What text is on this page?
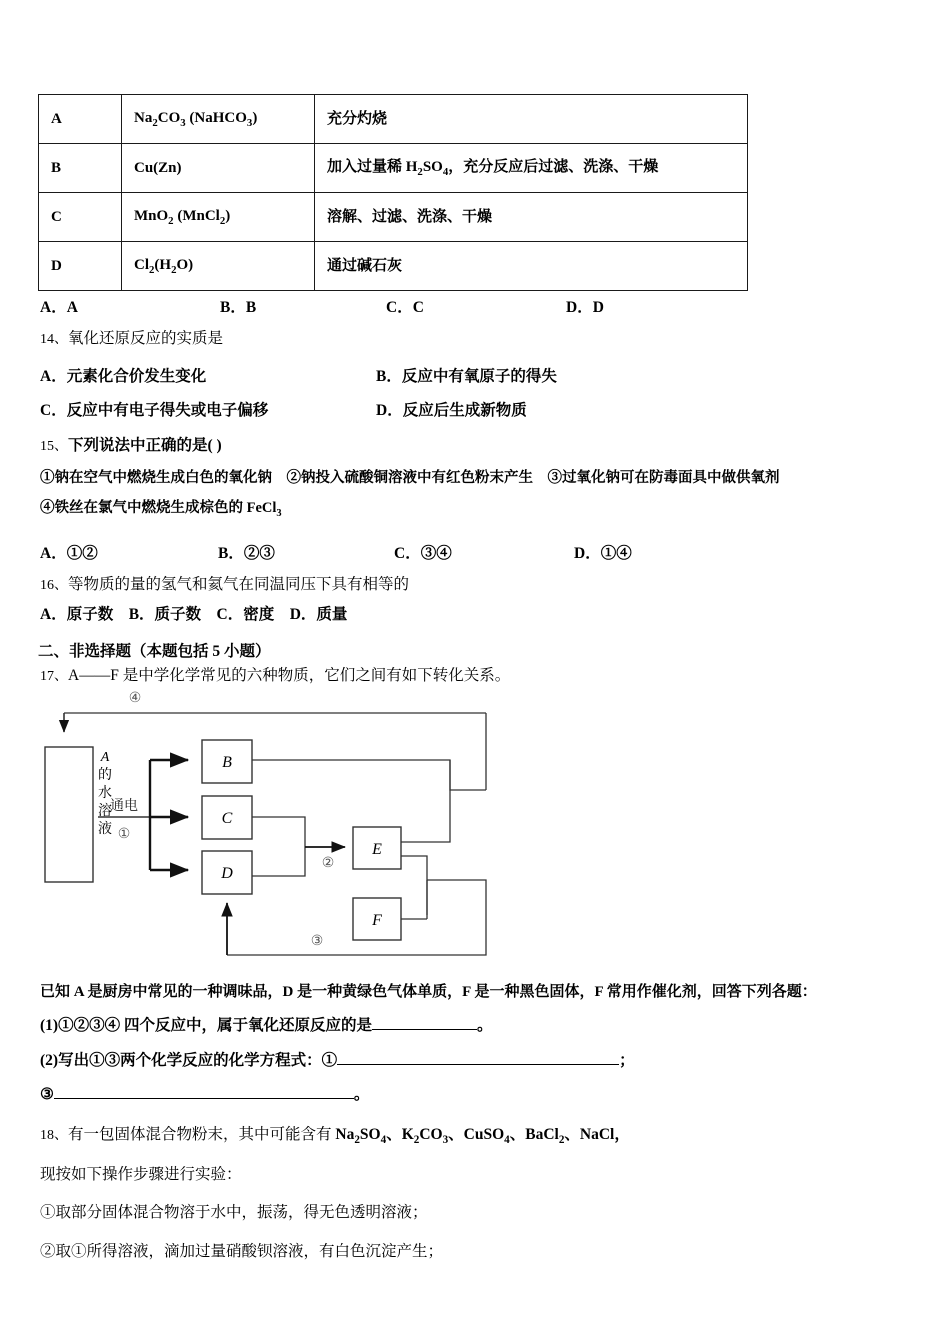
A	$Na_2CO_3$ (NaHCO$_3$)	充分灼烧
B	Cu(Zn)	加入过量稀 $H_2SO_4$，充分反应后过滤、洗涤、干燥
C	MnO$_2$ (MnCl$_2$)	溶解、过滤、洗涤、干燥
D	$Cl_2(H_2O)$	通过碱石灰
A．A	B．B	C．C	D．D
14、氧化还原反应的实质是
A．元素化合价发生变化	B．反应中有氧原子的得失
C．反应中有电子得失或电子偏移	D．反应后生成新物质
15、下列说法中正确的是( )
①钠在空气中燃烧生成白色的氧化钠　②钠投入硫酸铜溶液中有红色粉末产生　③过氧化钠可在防毒面具中做供氧剂
④铁丝在氯气中燃烧生成棕色的 FeCl$_3$
A．①②	B．②③	C．③④	D．①④
16、等物质的量的氢气和氦气在同温同压下具有相等的
A．原子数　B．质子数　C．密度　D．质量
二、非选择题（本题包括 5 小题）
17、A——F 是中学化学常见的六种物质，它们之间有如下转化关系。
B
C
D
E
F
④
①
②
③
通电
A
的
水
溶
液
已知 A 是厨房中常见的一种调味品，D 是一种黄绿色气体单质，F 是一种黑色固体，F 常用作催化剂，回答下列各题：
(1)①②③④ 四个反应中，属于氧化还原反应的是	。
(2)写出①③两个化学反应的化学方程式：①	；
③	。
18、有一包固体混合物粉末，其中可能含有 $Na_2SO_4$、$K_2CO_3$、CuSO$_4$、BaCl$_2$、NaCl，
现按如下操作步骤进行实验：
①取部分固体混合物溶于水中，振荡，得无色透明溶液；
②取①所得溶液，滴加过量硝酸钡溶液，有白色沉淀产生；
